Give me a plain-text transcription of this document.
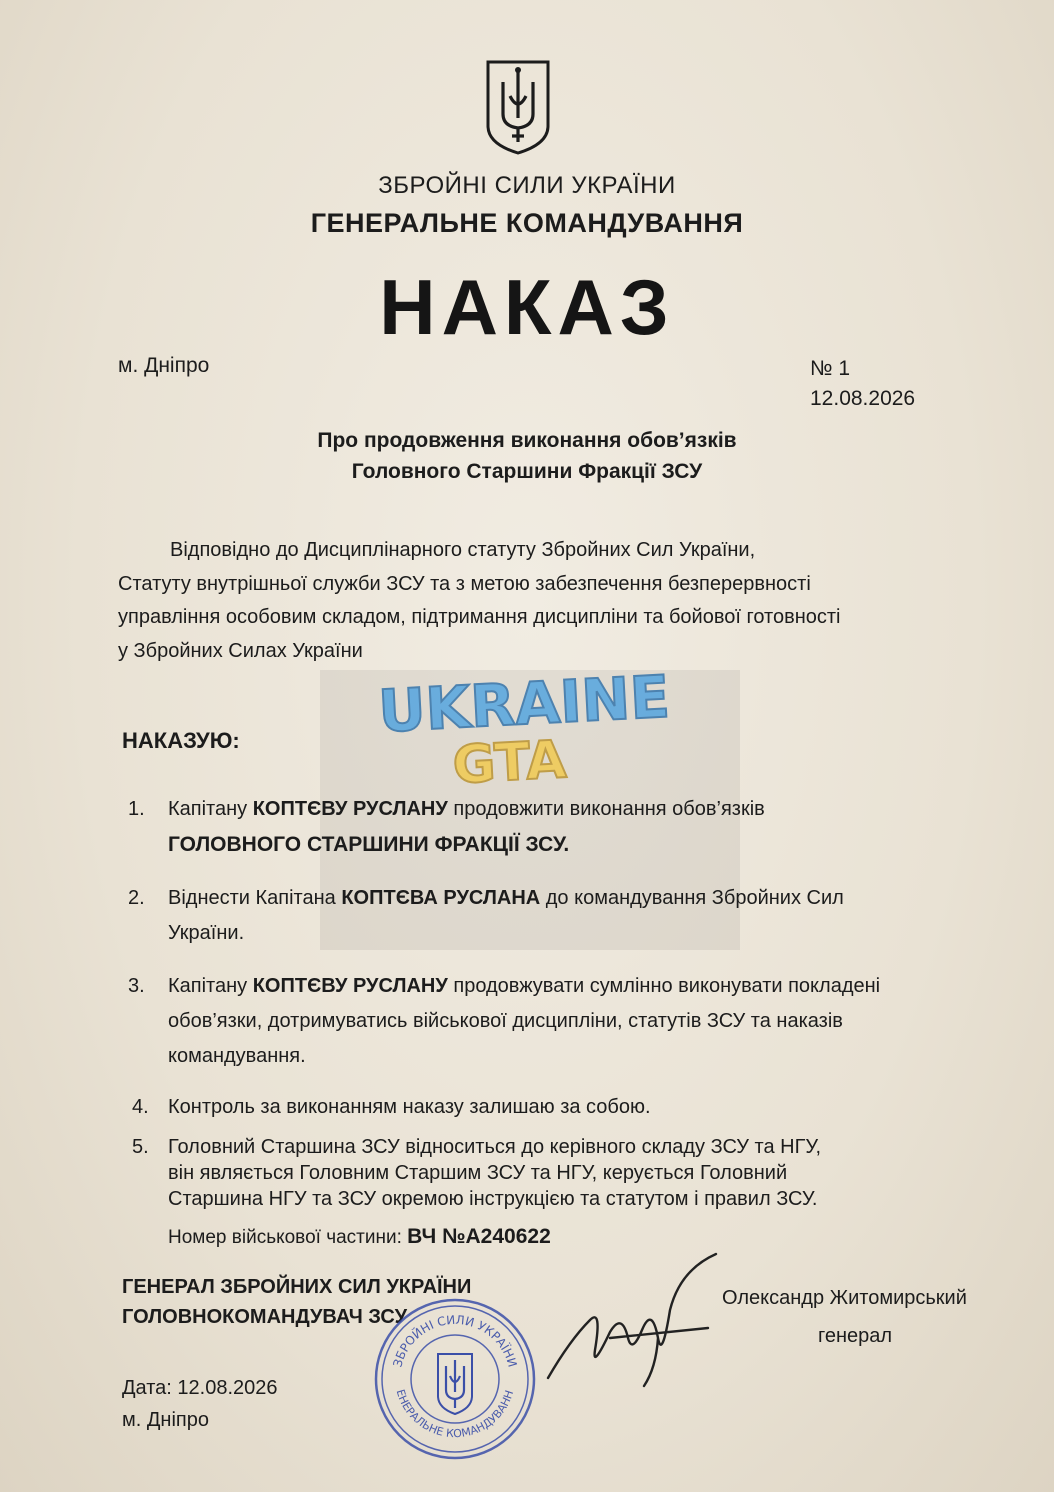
ЗБРОЙНІ СИЛИ УКРАЇНИ
ГЕНЕРАЛЬНЕ КОМАНДУВАННЯ
НАКАЗ
м. Дніпро	№ 1
12.08.2026
Про продовження виконання обов’язків
Головного Старшини Фракції ЗСУ
Відповідно до Дисциплінарного статуту Збройних Сил України,
Статуту внутрішньої служби ЗСУ та з метою забезпечення безперервності
управління особовим складом, підтримання дисципліни та бойової готовності
у Збройних Силах України
UKRAINE
GTA
НАКАЗУЮ:
1.	Капітану КОПТЄВУ РУСЛАНУ продовжити виконання обов’язків
ГОЛОВНОГО СТАРШИНИ ФРАКЦІЇ ЗСУ.
2.	Віднести Капітана КОПТЄВА РУСЛАНА до командування Збройних Сил
України.
3.	Капітану КОПТЄВУ РУСЛАНУ продовжувати сумлінно виконувати покладені
обов’язки, дотримуватись військової дисципліни, статутів ЗСУ та наказів
командування.
4. Контроль за виконанням наказу залишаю за собою.
5. Головний Старшина ЗСУ відноситься до керівного складу ЗСУ та НГУ,
він являється Головним Старшим ЗСУ та НГУ, керується Головний
Старшина НГУ та ЗСУ окремою інструкцією та статутом і правил ЗСУ.
Номер військової частини: ВЧ №А240622
ГЕНЕРАЛ ЗБРОЙНИХ СИЛ УКРАЇНИ
ГОЛОВНОКОМАНДУВАЧ ЗСУ
Дата: 12.08.2026
м. Дніпро
ЗБРОЙНІ СИЛИ УКРАЇНИ
ЕНЕРАЛЬНЕ КОМАНДУВАНН
Олександр Житомирський
генерал
